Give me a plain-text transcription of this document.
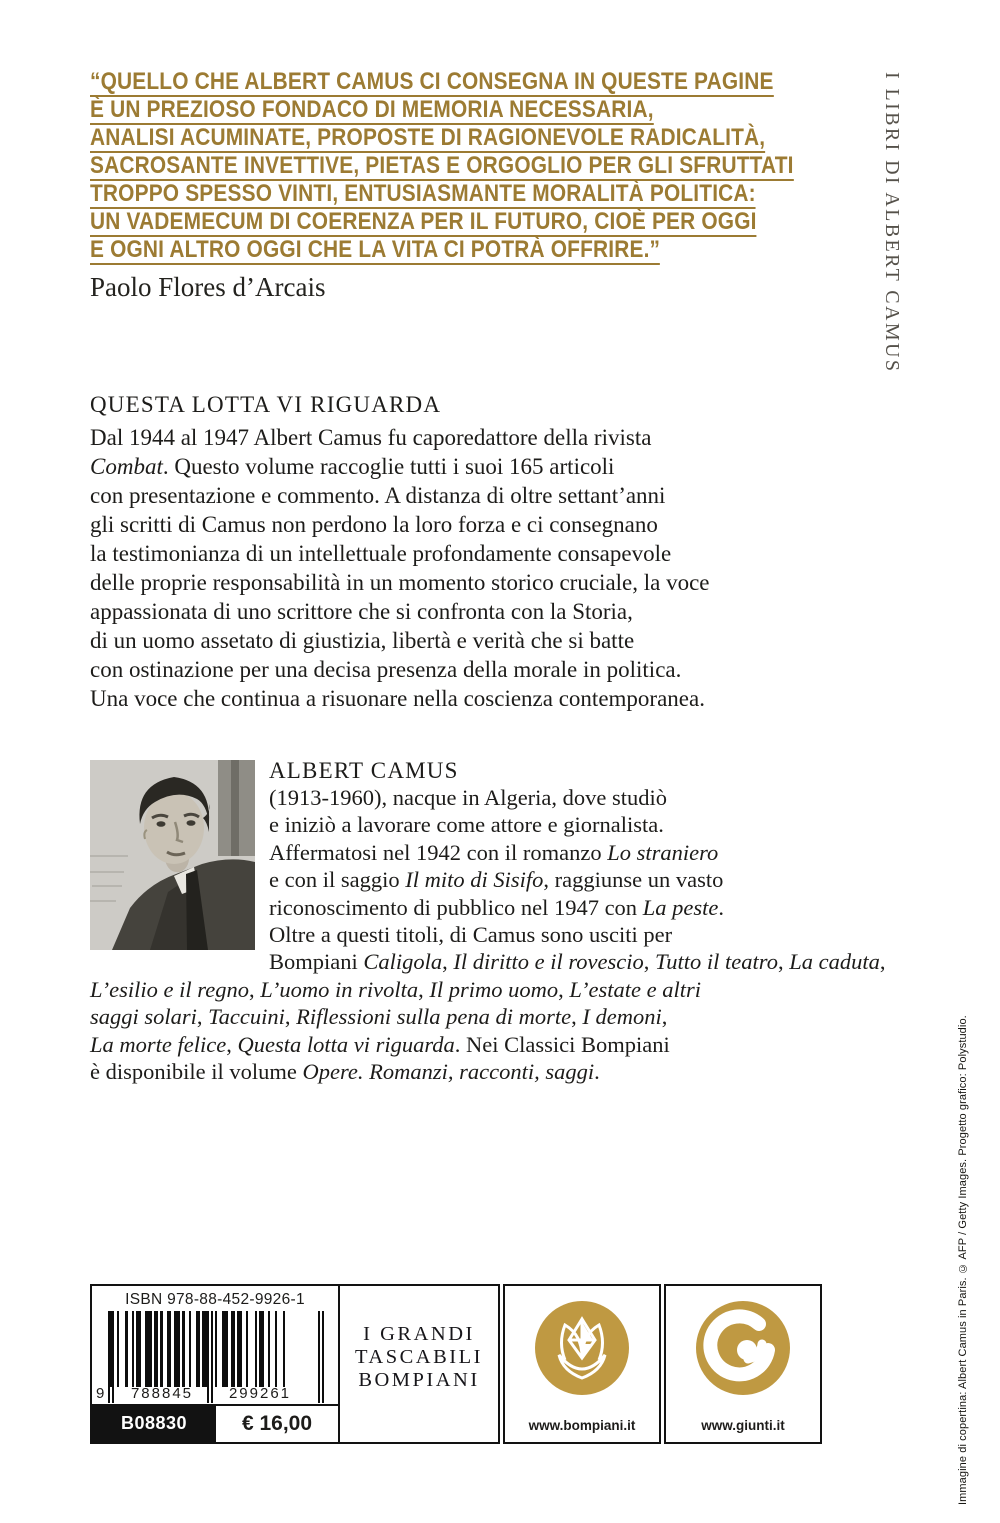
“QUELLO CHE ALBERT CAMUS CI CONSEGNA IN QUESTE PAGINE
È UN PREZIOSO FONDACO DI MEMORIA NECESSARIA,
ANALISI ACUMINATE, PROPOSTE DI RAGIONEVOLE RADICALITÀ,
SACROSANTE INVETTIVE, PIETAS E ORGOGLIO PER GLI SFRUTTATI
TROPPO SPESSO VINTI, ENTUSIASMANTE MORALITÀ POLITICA:
UN VADEMECUM DI COERENZA PER IL FUTURO, CIOÈ PER OGGI
E OGNI ALTRO OGGI CHE LA VITA CI POTRÀ OFFRIRE.”
Paolo Flores d’Arcais	I LIBRI DI ALBERT CAMUS
QUESTA LOTTA VI RIGUARDA
Dal 1944 al 1947 Albert Camus fu caporedattore della rivista
Combat. Questo volume raccoglie tutti i suoi 165 articoli
con presentazione e commento. A distanza di oltre settant’anni
gli scritti di Camus non perdono la loro forza e ci consegnano
la testimonianza di un intellettuale profondamente consapevole
delle proprie responsabilità in un momento storico cruciale, la voce
appassionata di uno scrittore che si confronta con la Storia,
di un uomo assetato di giustizia, libertà e verità che si batte
con ostinazione per una decisa presenza della morale in politica.
Una voce che continua a risuonare nella coscienza contemporanea.
ALBERT CAMUS
(1913-1960), nacque in Algeria, dove studiò
e iniziò a lavorare come attore e giornalista.
Affermatosi nel 1942 con il romanzo Lo straniero
e con il saggio Il mito di Sisifo, raggiunse un vasto
riconoscimento di pubblico nel 1947 con La peste.
Oltre a questi titoli, di Camus sono usciti per
Bompiani Caligola, Il diritto e il rovescio, Tutto il teatro, La caduta,
L’esilio e il regno, L’uomo in rivolta, Il primo uomo, L’estate e altri
saggi solari, Taccuini, Riflessioni sulla pena di morte, I demoni,
La morte felice, Questa lotta vi riguarda. Nei Classici Bompiani
è disponibile il volume Opere. Romanzi, racconti, saggi.
ISBN 978-88-452-9926-1
9	788845	299261
B08830	€ 16,00
I GRANDI
TASCABILI
BOMPIANI
www.bompiani.it	www.giunti.it	Immagine di copertina: Albert Camus in Paris. © AFP / Getty Images. Progetto grafico: Polystudio.
